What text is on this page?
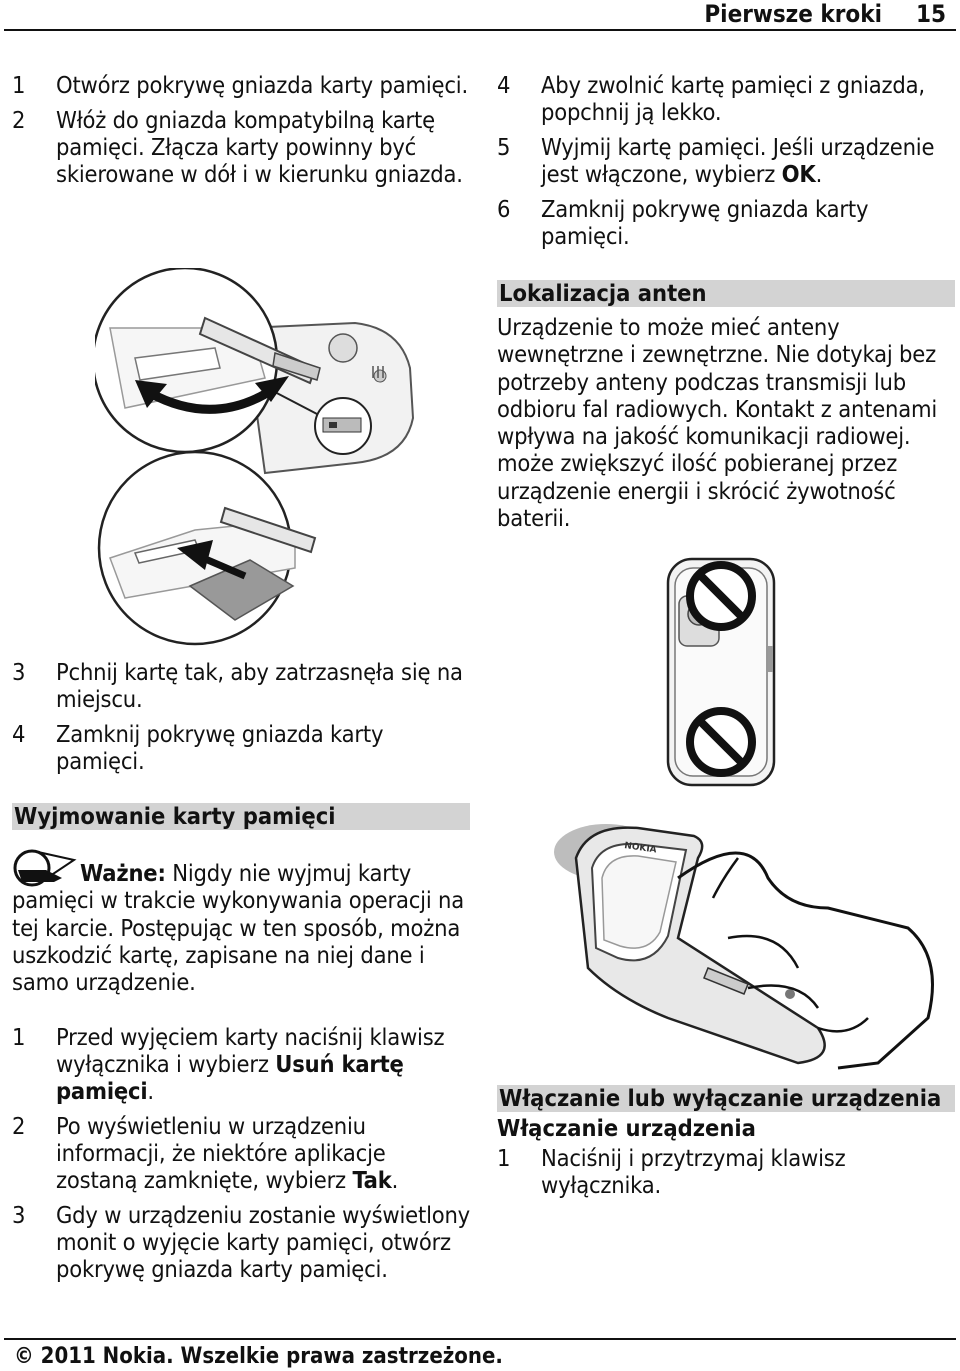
Pierwsze kroki 15
1 Otwórz pokrywę gniazda karty pamięci.
2 Włóż do gniazda kompatybilną kartę pamięci. Złącza karty powinny być skierowane w dół i w kierunku gniazda.
3 Pchnij kartę tak, aby zatrzasnęła się na miejscu.
4 Zamknij pokrywę gniazda karty pamięci.
Wyjmowanie karty pamięci
Ważne: Nigdy nie wyjmuj karty pamięci w trakcie wykonywania operacji na tej karcie. Postępując w ten sposób, można uszkodzić kartę, zapisane na niej dane i samo urządzenie.
1 Przed wyjęciem karty naciśnij klawisz wyłącznika i wybierz Usuń kartę pamięci.
2 Po wyświetleniu w urządzeniu informacji, że niektóre aplikacje zostaną zamknięte, wybierz Tak.
3 Gdy w urządzeniu zostanie wyświetlony monit o wyjęcie karty pamięci, otwórz pokrywę gniazda karty pamięci.
4 Aby zwolnić kartę pamięci z gniazda, popchnij ją lekko.
5 Wyjmij kartę pamięci. Jeśli urządzenie jest włączone, wybierz OK.
6 Zamknij pokrywę gniazda karty pamięci.
Lokalizacja anten
Urządzenie to może mieć anteny wewnętrzne i zewnętrzne. Nie dotykaj bez potrzeby anteny podczas transmisji lub odbioru fal radiowych. Kontakt z antenami wpływa na jakość komunikacji radiowej. może zwiększyć ilość pobieranej przez urządzenie energii i skrócić żywotność baterii.
NOKIA
Włączanie lub wyłączanie urządzenia
Włączanie urządzenia
1 Naciśnij i przytrzymaj klawisz wyłącznika.
© 2011 Nokia. Wszelkie prawa zastrzeżone.
